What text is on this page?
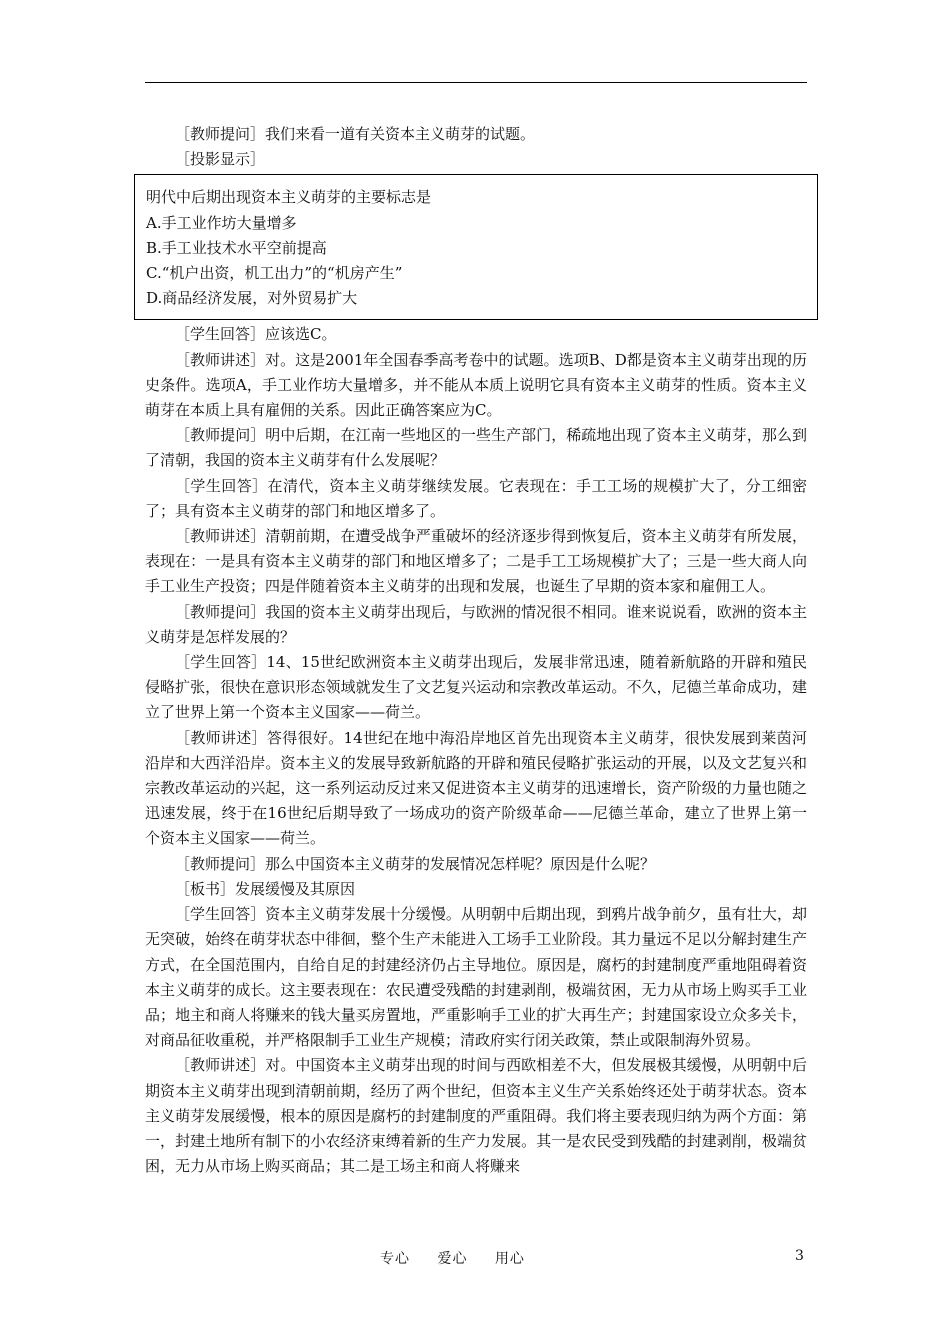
［教师提问］我们来看一道有关资本主义萌芽的试题。

［投影显示］

明代中后期出现资本主义萌芽的主要标志是

A.手工业作坊大量增多

B.手工业技术水平空前提高

C.“机户出资，机工出力”的“机房产生”

D.商品经济发展，对外贸易扩大

［学生回答］应该选C。

［教师讲述］对。这是2001年全国春季高考卷中的试题。选项B、D都是资本主义萌芽出现的历史条件。选项A，手工业作坊大量增多，并不能从本质上说明它具有资本主义萌芽的性质。资本主义萌芽在本质上具有雇佣的关系。因此正确答案应为C。

［教师提问］明中后期，在江南一些地区的一些生产部门，稀疏地出现了资本主义萌芽，那么到了清朝，我国的资本主义萌芽有什么发展呢？

［学生回答］在清代，资本主义萌芽继续发展。它表现在：手工工场的规模扩大了，分工细密了；具有资本主义萌芽的部门和地区增多了。

［教师讲述］清朝前期，在遭受战争严重破坏的经济逐步得到恢复后，资本主义萌芽有所发展，表现在：一是具有资本主义萌芽的部门和地区增多了；二是手工工场规模扩大了；三是一些大商人向手工业生产投资；四是伴随着资本主义萌芽的出现和发展，也诞生了早期的资本家和雇佣工人。

［教师提问］我国的资本主义萌芽出现后，与欧洲的情况很不相同。谁来说说看，欧洲的资本主义萌芽是怎样发展的？

［学生回答］14、15世纪欧洲资本主义萌芽出现后，发展非常迅速，随着新航路的开辟和殖民侵略扩张，很快在意识形态领域就发生了文艺复兴运动和宗教改革运动。不久，尼德兰革命成功，建立了世界上第一个资本主义国家——荷兰。

［教师讲述］答得很好。14世纪在地中海沿岸地区首先出现资本主义萌芽，很快发展到莱茵河沿岸和大西洋沿岸。资本主义的发展导致新航路的开辟和殖民侵略扩张运动的开展，以及文艺复兴和宗教改革运动的兴起，这一系列运动反过来又促进资本主义萌芽的迅速增长，资产阶级的力量也随之迅速发展，终于在16世纪后期导致了一场成功的资产阶级革命——尼德兰革命，建立了世界上第一个资本主义国家——荷兰。

［教师提问］那么中国资本主义萌芽的发展情况怎样呢？原因是什么呢？

［板书］发展缓慢及其原因

［学生回答］资本主义萌芽发展十分缓慢。从明朝中后期出现，到鸦片战争前夕，虽有壮大，却无突破，始终在萌芽状态中徘徊，整个生产未能进入工场手工业阶段。其力量远不足以分解封建生产方式，在全国范围内，自给自足的封建经济仍占主导地位。原因是，腐朽的封建制度严重地阻碍着资本主义萌芽的成长。这主要表现在：农民遭受残酷的封建剥削，极端贫困，无力从市场上购买手工业品；地主和商人将赚来的钱大量买房置地，严重影响手工业的扩大再生产；封建国家设立众多关卡，对商品征收重税，并严格限制手工业生产规模；清政府实行闭关政策，禁止或限制海外贸易。

［教师讲述］对。中国资本主义萌芽出现的时间与西欧相差不大，但发展极其缓慢，从明朝中后期资本主义萌芽出现到清朝前期，经历了两个世纪，但资本主义生产关系始终还处于萌芽状态。资本主义萌芽发展缓慢，根本的原因是腐朽的封建制度的严重阻碍。我们将主要表现归纳为两个方面：第一，封建土地所有制下的小农经济束缚着新的生产力发展。其一是农民受到残酷的封建剥削，极端贫困，无力从市场上购买商品；其二是工场主和商人将赚来

专心 爱心 用心	3
